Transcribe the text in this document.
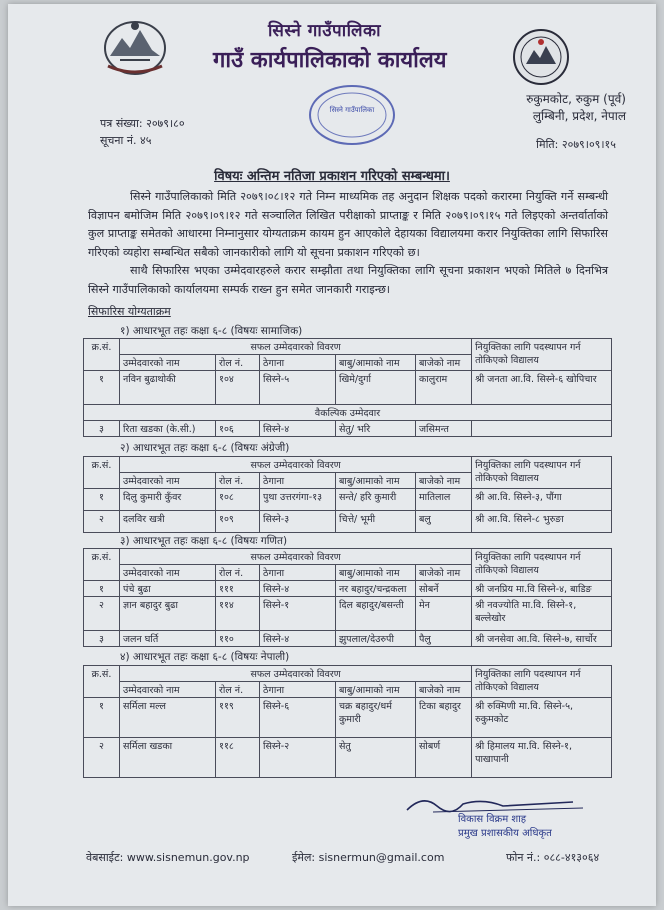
सिस्ने गाउँपालिका
गाउँ कार्यपालिकाको कार्यालय
रुकुमकोट, रुकुम (पूर्व)
लुम्बिनी, प्रदेश, नेपाल
सिस्ने गाउँपालिका
पत्र संख्या: २०७९।८०
सूचना नं. ४५	मिति: २०७९।०९।१५
विषयः अन्तिम नतिजा प्रकाशन गरिएको सम्बन्धमा।

सिस्ने गाउँपालिकाको मिति २०७९।०८।१२ गते निम्न माध्यमिक तह अनुदान शिक्षक पदको करारमा नियुक्ति गर्ने सम्बन्धी विज्ञापन बमोजिम मिति २०७९।०९।१२ गते सञ्चालित लिखित परीक्षाको प्राप्ताङ्क र मिति २०७९।०९।१५ गते लिइएको अन्तर्वार्ताको कुल प्राप्ताङ्क समेतको आधारमा निम्नानुसार योग्यताक्रम कायम हुन आएकोले देहायका विद्यालयमा करार नियुक्तिका लागि सिफारिस गरिएको व्यहोरा सम्बन्धित सबैको जानकारीको लागि यो सूचना प्रकाशन गरिएको छ।

साथै सिफारिस भएका उम्मेदवारहरुले करार सम्झौता तथा नियुक्तिका लागि सूचना प्रकाशन भएको मितिले ७ दिनभित्र सिस्ने गाउँपालिकाको कार्यालयमा सम्पर्क राख्न हुन समेत जानकारी गराइन्छ।

सिफारिस योग्यताक्रम
१) आधारभूत तहः कक्षा ६-८ (विषयः सामाजिक)
क्र.सं.	सफल उम्मेदवारको विवरण					नियुक्तिका लागि पदस्थापन गर्न तोकिएको विद्यालय
	उम्मेदवारको नाम	रोल नं.	ठेगाना	बाबु/आमाको नाम	बाजेको नाम	
१	नविन बुढाथोकी	१०४	सिस्ने-५	खिमे/दुर्गा	कालुराम	श्री जनता आ.वि. सिस्ने-६ खोपिचार
वैकल्पिक उम्मेदवार						
३	रिता खडका (के.सी.)	१०६	सिस्ने-४	सेतु/ भरि	जसिमन्त	
२) आधारभूत तहः कक्षा ६-८ (विषयः अंग्रेजी)
क्र.सं.	सफल उम्मेदवारको विवरण					नियुक्तिका लागि पदस्थापन गर्न तोकिएको विद्यालय
	उम्मेदवारको नाम	रोल नं.	ठेगाना	बाबु/आमाको नाम	बाजेको नाम	
१	दिलु कुमारी कुँवर	१०८	पुथा उत्तरगंगा-१३	सन्ते/ हरि कुमारी	मातिलाल	श्री आ.वि. सिस्ने-३, पौंगा
२	दलविर खत्री	१०९	सिस्ने-३	चित्ते/ भूमी	बलु	श्री आ.वि. सिस्ने-८ भुरुङा
३) आधारभूत तहः कक्षा ६-८ (विषयः गणित)
क्र.सं.	सफल उम्मेदवारको विवरण					नियुक्तिका लागि पदस्थापन गर्न तोकिएको विद्यालय
	उम्मेदवारको नाम	रोल नं.	ठेगाना	बाबु/आमाको नाम	बाजेको नाम	
१	पंचे बुढा	१११	सिस्ने-४	नर बहादुर/चन्द्रकला	सोबर्ने	श्री जनप्रिय मा.वि सिस्ने-४, बाडिङ
२	ज्ञान बहादुर बुढा	११४	सिस्ने-१	दिल बहादुर/बसन्ती	मेन	श्री नवज्योति मा.वि. सिस्ने-१, बल्लेखोर
३	जलन घर्ति	११०	सिस्ने-४	झुपलाल/देउरुपी	पैलु	श्री जनसेवा आ.वि. सिस्ने-७, सार्चोर
४) आधारभूत तहः कक्षा ६-८ (विषयः नेपाली)
क्र.सं.	सफल उम्मेदवारको विवरण					नियुक्तिका लागि पदस्थापन गर्न तोकिएको विद्यालय
	उम्मेदवारको नाम	रोल नं.	ठेगाना	बाबु/आमाको नाम	बाजेको नाम	
१	सर्मिला मल्ल	११९	सिस्ने-६	चक्र बहादुर/धर्म कुमारी	टिका बहादुर	श्री रुक्मिणी मा.वि. सिस्ने-५, रुकुमकोट
२	सर्मिला खडका	११८	सिस्ने-२	सेतु	सोबर्ण	श्री हिमालय मा.वि. सिस्ने-१, पाखापानी
विकास विक्रम शाह
प्रमुख प्रशासकीय अधिकृत
वेबसाईट: www.sisnemun.gov.np	ईमेल: sisnermun@gmail.com	फोन नं.: ०८८-४१३०६४
